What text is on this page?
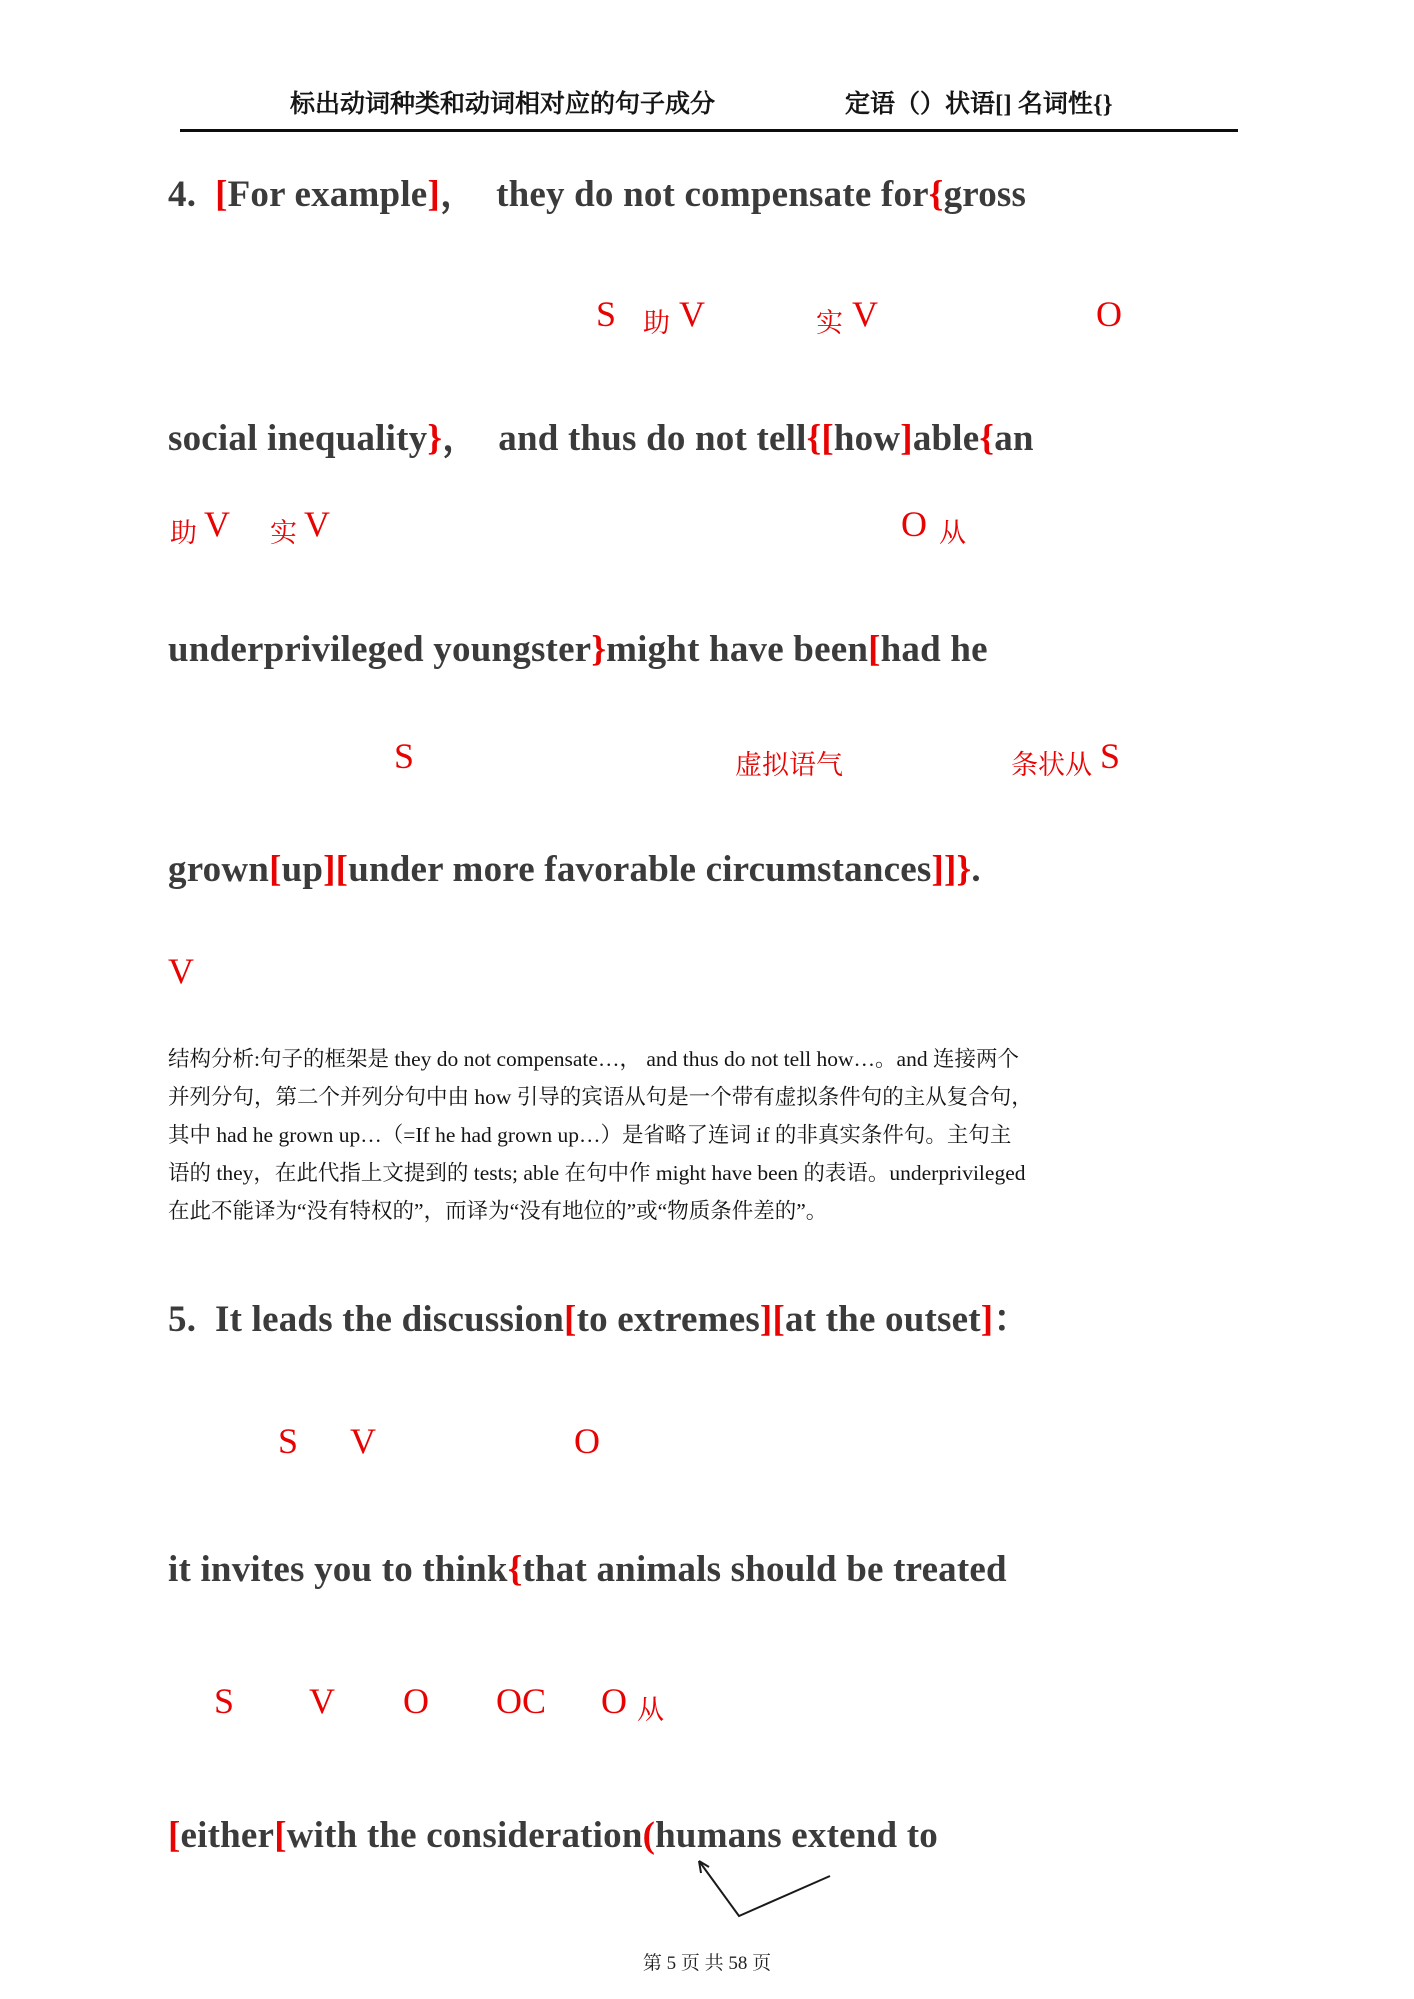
标出动词种类和动词相对应的句子成分	定语（）状语[] 名词性{}
4.  [For example]，  they do not compensate for{gross
S 助 V	实 V	O
social inequality}，  and thus do not tell{[how]able{an
助 V 实 V	O 从
underprivileged youngster}might have been[had he
S	虚拟语气	条状从 S
grown[up][under more favorable circumstances]]}.
V
结构分析:句子的框架是 they do not compensate…， and thus do not tell how…。and 连接两个
并列分句，第二个并列分句中由 how 引导的宾语从句是一个带有虚拟条件句的主从复合句，
其中 had he grown up…（=If he had grown up…）是省略了连词 if 的非真实条件句。主句主
语的 they，在此代指上文提到的 tests; able 在句中作 might have been 的表语。underprivileged
在此不能译为“没有特权的”，而译为“没有地位的”或“物质条件差的”。
5.  It leads the discussion[to extremes][at the outset]：
S V	O
it invites you to think{that animals should be treated
S V O OC O 从
[either[with the consideration(humans extend to
第 5 页 共 58 页
